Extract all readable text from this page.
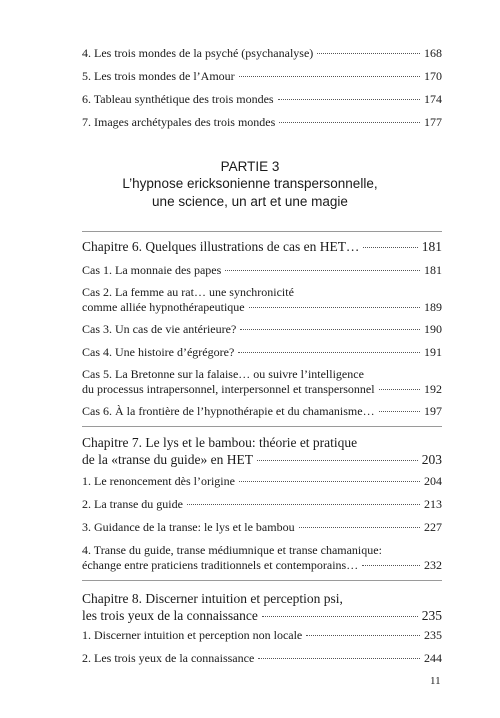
4. Les trois mondes de la psyché (psychanalyse)	168
5. Les trois mondes de l’Amour	170
6. Tableau synthétique des trois mondes	174
7. Images archétypales des trois mondes	177
PARTIE 3
L’hypnose ericksonienne transpersonnelle,
une science, un art et une magie
Chapitre 6. Quelques illustrations de cas en HET…	181
Cas 1. La monnaie des papes	181
Cas 2. La femme au rat… une synchronicité
comme alliée hypnothérapeutique	189
Cas 3. Un cas de vie antérieure?	190
Cas 4. Une histoire d’égrégore?	191
Cas 5. La Bretonne sur la falaise… ou suivre l’intelligence
du processus intrapersonnel, interpersonnel et transpersonnel	192
Cas 6. À la frontière de l’hypnothérapie et du chamanisme…	197
Chapitre 7. Le lys et le bambou: théorie et pratique
de la «transe du guide» en HET	203
1. Le renoncement dès l’origine	204
2. La transe du guide	213
3. Guidance de la transe: le lys et le bambou	227
4. Transe du guide, transe médiumnique et transe chamanique:
échange entre praticiens traditionnels et contemporains…	232
Chapitre 8. Discerner intuition et perception psi,
les trois yeux de la connaissance	235
1. Discerner intuition et perception non locale	235
2. Les trois yeux de la connaissance	244
11
